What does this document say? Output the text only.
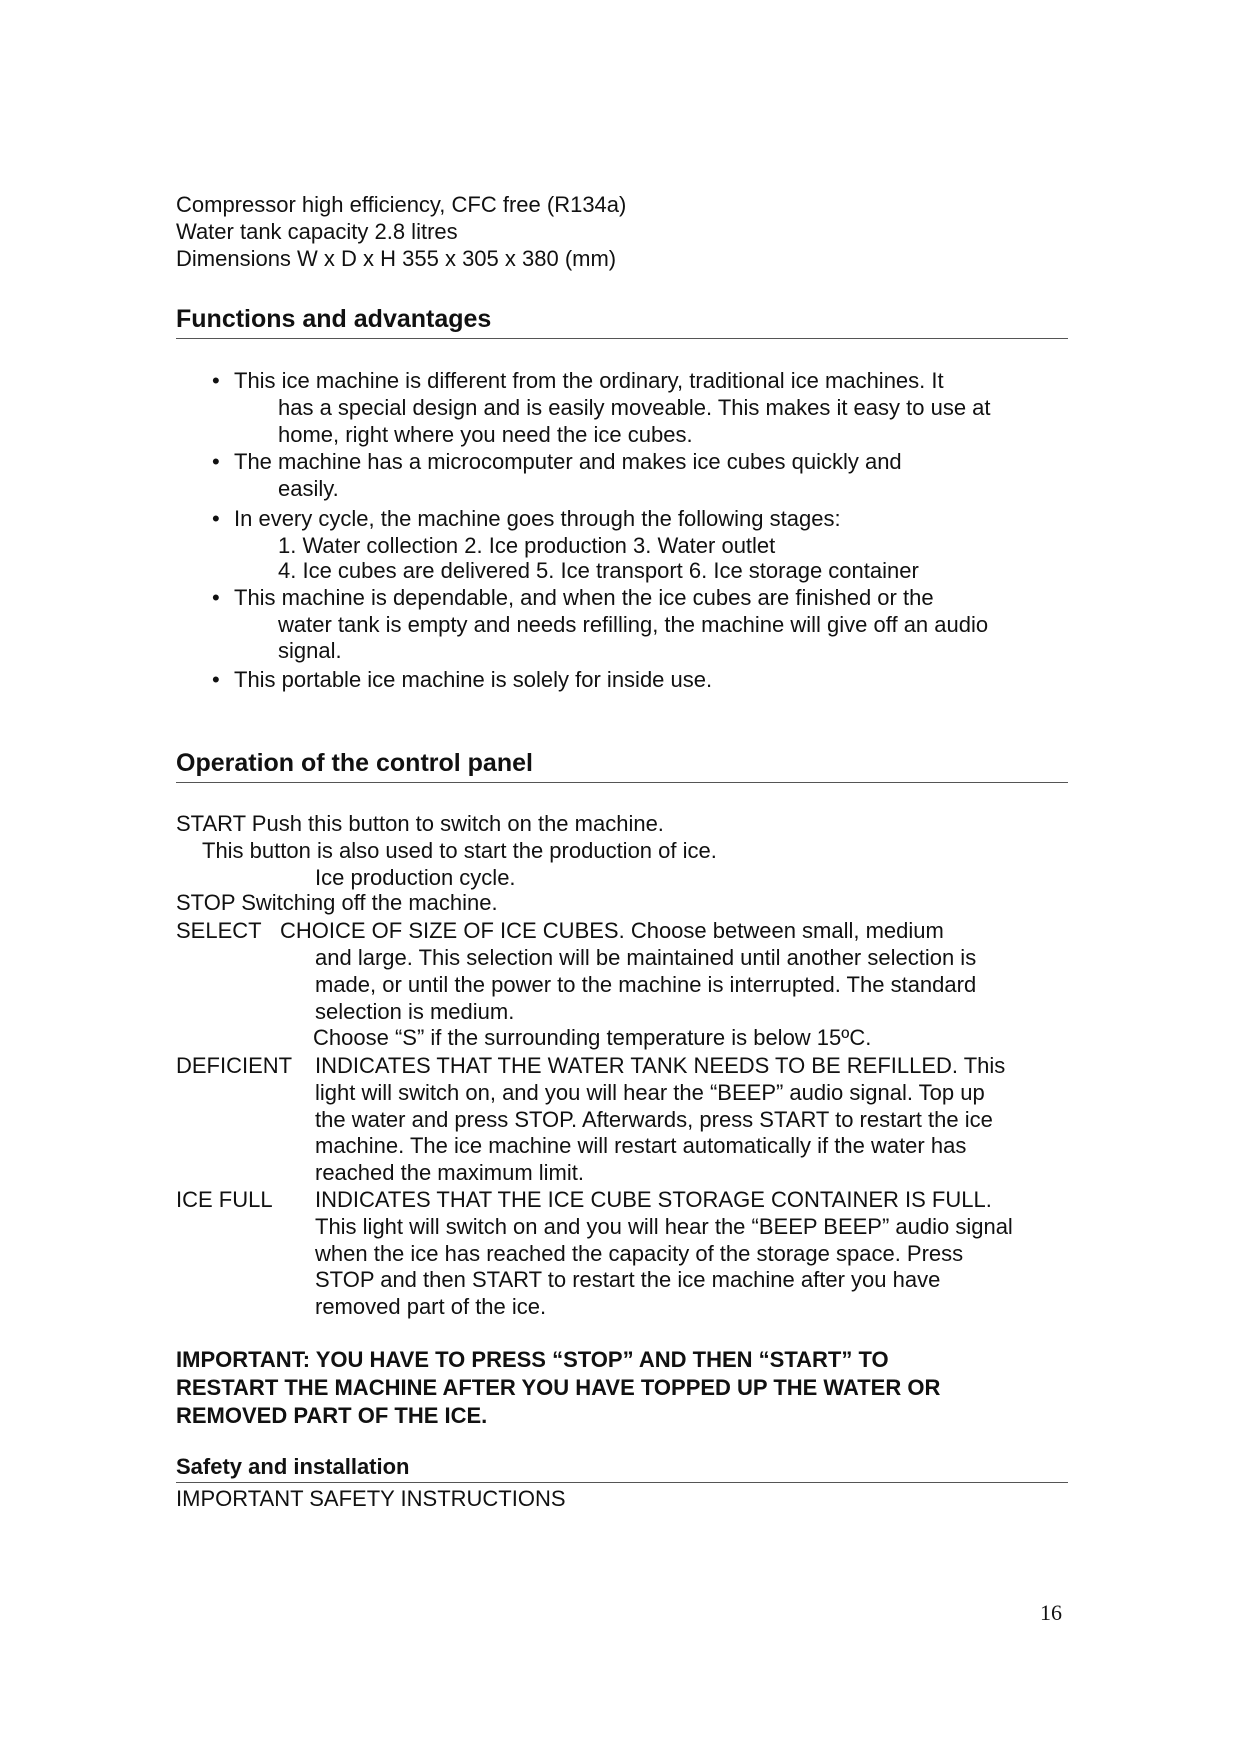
Compressor high efficiency, CFC free (R134a)
Water tank capacity 2.8 litres
Dimensions W x D x H 355 x 305 x 380 (mm)
Functions and advantages
• This ice machine is different from the ordinary, traditional ice machines. It
has a special design and is easily moveable. This makes it easy to use at
home, right where you need the ice cubes.
• The machine has a microcomputer and makes ice cubes quickly and
easily.
• In every cycle, the machine goes through the following stages:
1. Water collection 2. Ice production 3. Water outlet
4. Ice cubes are delivered 5. Ice transport 6. Ice storage container
• This machine is dependable, and when the ice cubes are finished or the
water tank is empty and needs refilling, the machine will give off an audio
signal.
• This portable ice machine is solely for inside use.
Operation of the control panel
START Push this button to switch on the machine.
This button is also used to start the production of ice.
Ice production cycle.
STOP Switching off the machine.
SELECT CHOICE OF SIZE OF ICE CUBES. Choose between small, medium
and large. This selection will be maintained until another selection is
made, or until the power to the machine is interrupted. The standard
selection is medium.
Choose “S” if the surrounding temperature is below 15ºC.
DEFICIENT INDICATES THAT THE WATER TANK NEEDS TO BE REFILLED. This
light will switch on, and you will hear the “BEEP” audio signal. Top up
the water and press STOP. Afterwards, press START to restart the ice
machine. The ice machine will restart automatically if the water has
reached the maximum limit.
ICE FULL INDICATES THAT THE ICE CUBE STORAGE CONTAINER IS FULL.
This light will switch on and you will hear the “BEEP BEEP” audio signal
when the ice has reached the capacity of the storage space. Press
STOP and then START to restart the ice machine after you have
removed part of the ice.
IMPORTANT: YOU HAVE TO PRESS “STOP” AND THEN “START” TO
RESTART THE MACHINE AFTER YOU HAVE TOPPED UP THE WATER OR
REMOVED PART OF THE ICE.
Safety and installation
IMPORTANT SAFETY INSTRUCTIONS
16
